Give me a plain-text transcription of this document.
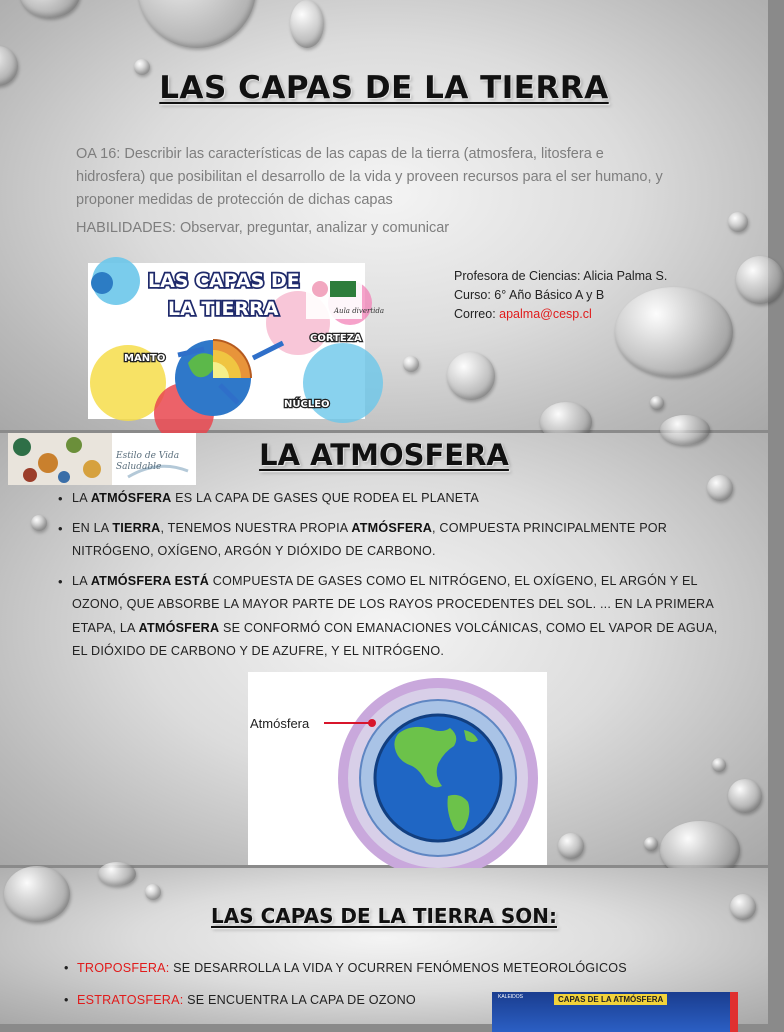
LAS CAPAS DE LA TIERRA

OA 16: Describir las características de las capas de la tierra (atmosfera, litosfera e hidrosfera) que posibilitan el desarrollo de la vida y proveen recursos para el ser humano, y proponer medidas de protección de dichas capas

HABILIDADES: Observar, preguntar, analizar y comunicar

Aula divertida
LAS CAPAS DE
LA TIERRA
MANTO
CORTEZA
NÚCLEO
Profesora de Ciencias: Alicia Palma S.
Curso: 6° Año Básico A y B
Correo: apalma@cesp.cl
Estilo de Vida Saludable	LA ATMOSFERA
• LA ATMÓSFERA ES LA CAPA DE GASES QUE RODEA EL PLANETA
• EN LA TIERRA, TENEMOS NUESTRA PROPIA ATMÓSFERA, COMPUESTA PRINCIPALMENTE POR NITRÓGENO, OXÍGENO, ARGÓN Y DIÓXIDO DE CARBONO.
• LA ATMÓSFERA ESTÁ COMPUESTA DE GASES COMO EL NITRÓGENO, EL OXÍGENO, EL ARGÓN Y EL OZONO, QUE ABSORBE LA MAYOR PARTE DE LOS RAYOS PROCEDENTES DEL SOL. ... EN LA PRIMERA ETAPA, LA ATMÓSFERA SE CONFORMÓ CON EMANACIONES VOLCÁNICAS, COMO EL VAPOR DE AGUA, EL DIÓXIDO DE CARBONO Y DE AZUFRE, Y EL NITRÓGENO.
Atmósfera
LAS CAPAS DE LA TIERRA SON:
• TROPOSFERA: SE DESARROLLA LA VIDA Y OCURREN FENÓMENOS METEOROLÓGICOS
• ESTRATOSFERA: SE ENCUENTRA LA CAPA DE OZONO	KALEIDOS	CAPAS DE LA ATMÓSFERA
